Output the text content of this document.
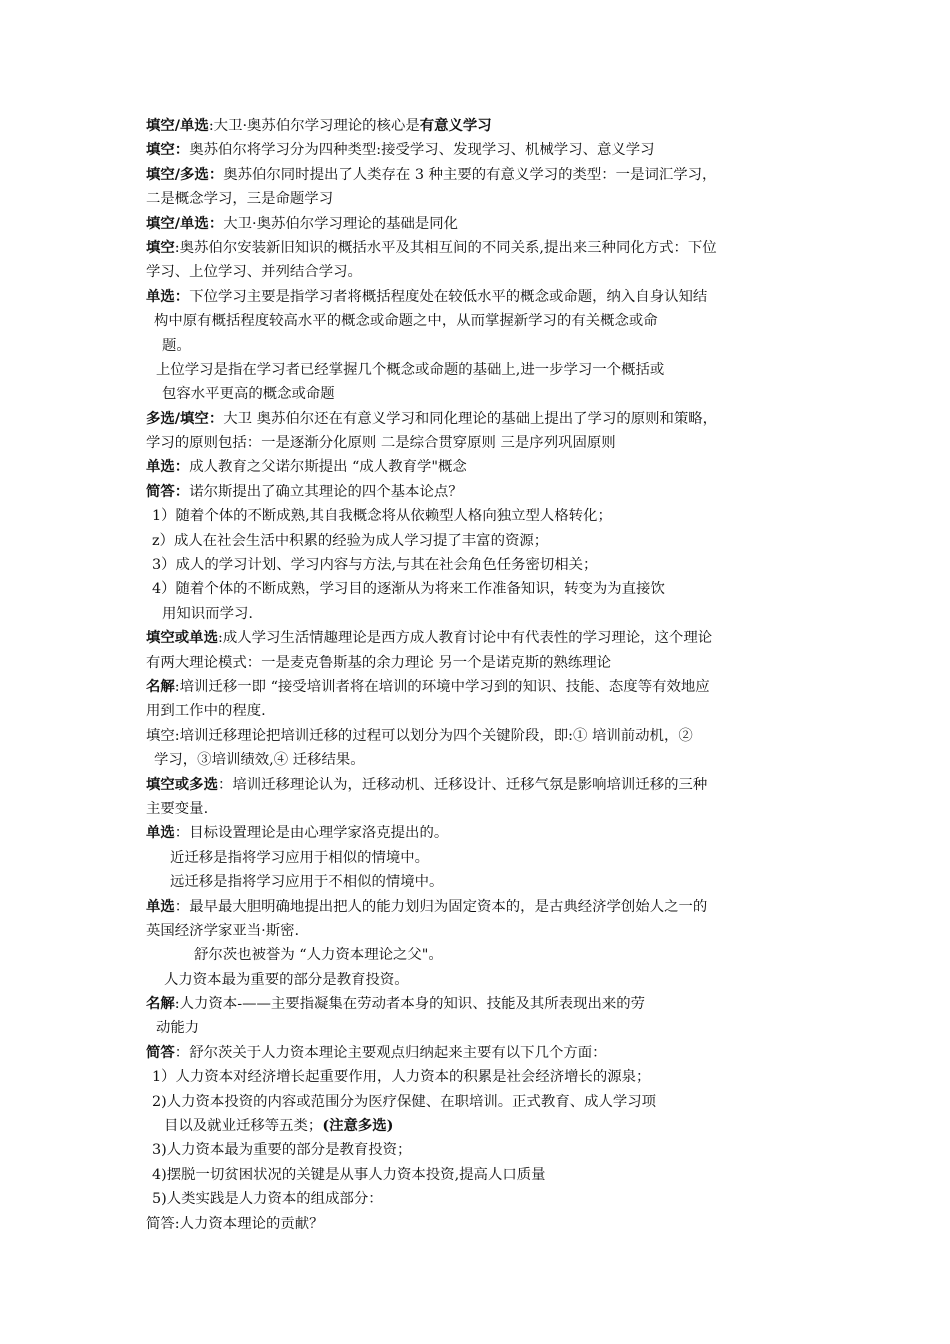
填空/单选:大卫·奥苏伯尔学习理论的核心是有意义学习
填空：奥苏伯尔将学习分为四种类型:接受学习、发现学习、机械学习、意义学习
填空/多选：奥苏伯尔同时提出了人类存在 3 种主要的有意义学习的类型：一是词汇学习，
二是概念学习，三是命题学习
填空/单选：大卫·奥苏伯尔学习理论的基础是同化
填空:奥苏伯尔安装新旧知识的概括水平及其相互间的不同关系,提出来三种同化方式：下位
学习、上位学习、并列结合学习。
单选：下位学习主要是指学习者将概括程度处在较低水平的概念或命题，纳入自身认知结
构中原有概括程度较高水平的概念或命题之中，从而掌握新学习的有关概念或命
题。
上位学习是指在学习者已经掌握几个概念或命题的基础上,进一步学习一个概括或
包容水平更高的概念或命题
多选/填空：大卫 奥苏伯尔还在有意义学习和同化理论的基础上提出了学习的原则和策略，
学习的原则包括：一是逐渐分化原则 二是综合贯穿原则 三是序列巩固原则
单选：成人教育之父诺尔斯提出 “成人教育学"概念
简答：诺尔斯提出了确立其理论的四个基本论点？
1）随着个体的不断成熟,其自我概念将从依赖型人格向独立型人格转化；
z）成人在社会生活中积累的经验为成人学习提了丰富的资源；
3）成人的学习计划、学习内容与方法,与其在社会角色任务密切相关；
4）随着个体的不断成熟，学习目的逐渐从为将来工作准备知识，转变为为直接饮
用知识而学习.
填空或单选:成人学习生活情趣理论是西方成人教育讨论中有代表性的学习理论，这个理论
有两大理论模式：一是麦克鲁斯基的余力理论 另一个是诺克斯的熟练理论
名解:培训迁移一即 “接受培训者将在培训的环境中学习到的知识、技能、态度等有效地应
用到工作中的程度.
填空:培训迁移理论把培训迁移的过程可以划分为四个关键阶段，即:① 培训前动机，②
学习，③培训绩效,④ 迁移结果。
填空或多选：培训迁移理论认为，迁移动机、迁移设计、迁移气氛是影响培训迁移的三种
主要变量.
单选：目标设置理论是由心理学家洛克提出的。
近迁移是指将学习应用于相似的情境中。
远迁移是指将学习应用于不相似的情境中。
单选：最早最大胆明确地提出把人的能力划归为固定资本的，是古典经济学创始人之一的
英国经济学家亚当·斯密.
舒尔茨也被誉为 “人力资本理论之父"。
人力资本最为重要的部分是教育投资。
名解:人力资本-——主要指凝集在劳动者本身的知识、技能及其所表现出来的劳
动能力
简答：舒尔茨关于人力资本理论主要观点归纳起来主要有以下几个方面：
1）人力资本对经济增长起重要作用，人力资本的积累是社会经济增长的源泉；
2)人力资本投资的内容或范围分为医疗保健、在职培训。正式教育、成人学习项
目以及就业迁移等五类；(注意多选)
3)人力资本最为重要的部分是教育投资；
4)摆脱一切贫困状况的关键是从事人力资本投资,提高人口质量
5)人类实践是人力资本的组成部分：
简答:人力资本理论的贡献？
